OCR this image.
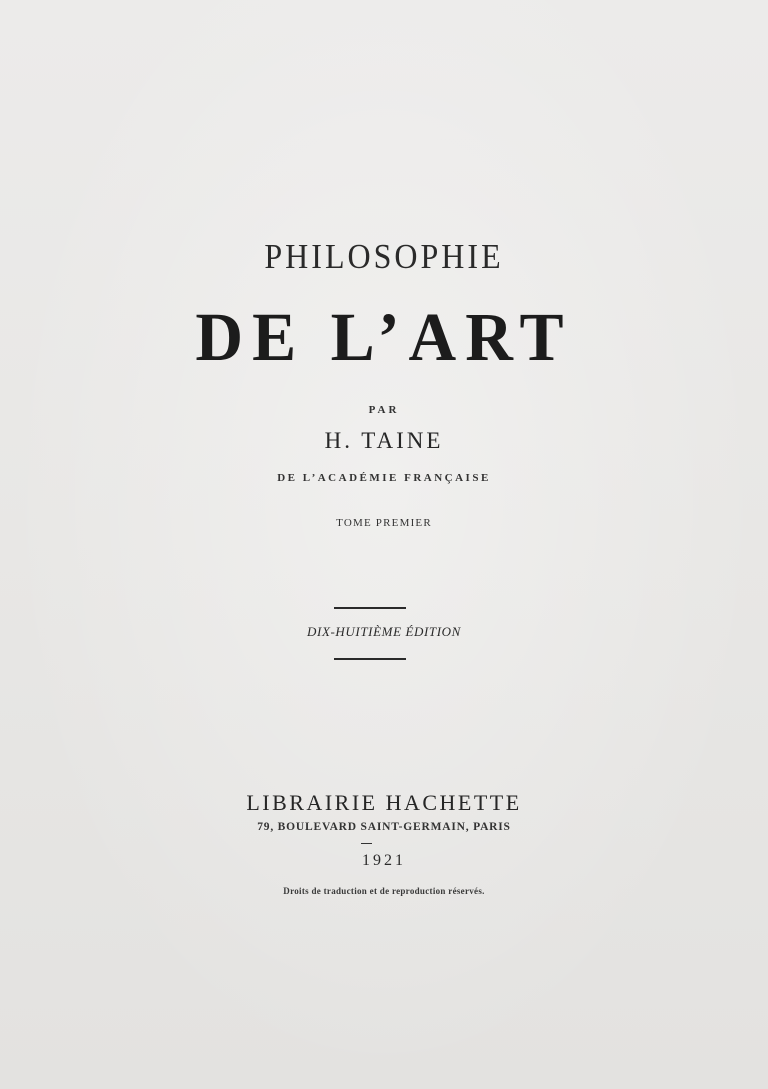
PHILOSOPHIE

DE L’ART

PAR

H. TAINE

DE L’ACADÉMIE FRANÇAISE

TOME PREMIER

DIX-HUITIÈME ÉDITION

LIBRAIRIE HACHETTE

79, BOULEVARD SAINT-GERMAIN, PARIS

1921

Droits de traduction et de reproduction réservés.
